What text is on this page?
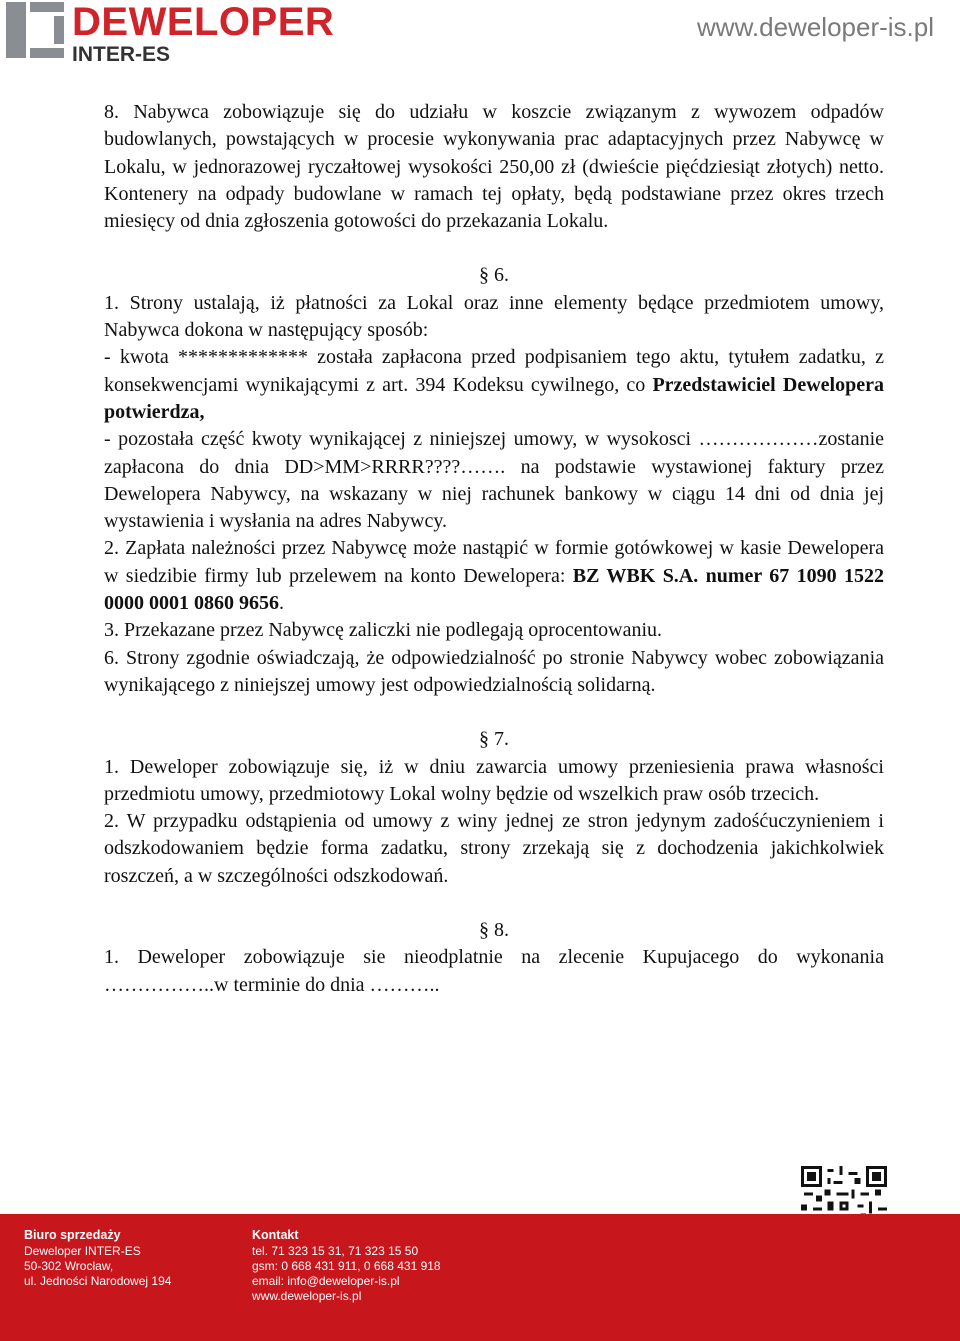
DEWELOPER
INTER-ES
www.deweloper-is.pl

8. Nabywca zobowiązuje się do udziału w koszcie związanym z wywozem odpadów budowlanych, powstających w procesie wykonywania prac adaptacyjnych przez Nabywcę w Lokalu, w jednorazowej ryczałtowej wysokości 250,00 zł (dwieście pięćdziesiąt złotych) netto. Kontenery na odpady budowlane w ramach tej opłaty, będą podstawiane przez okres trzech miesięcy od dnia zgłoszenia gotowości do przekazania Lokalu.

§ 6.

1. Strony ustalają, iż płatności za Lokal oraz inne elementy będące przedmiotem umowy, Nabywca dokona w następujący sposób:

- kwota ************* została zapłacona przed podpisaniem tego aktu, tytułem zadatku, z konsekwencjami wynikającymi z art. 394 Kodeksu cywilnego, co Przedstawiciel Dewelopera potwierdza,

- pozostała część kwoty wynikającej z niniejszej umowy, w wysokosci ………………zostanie zapłacona do dnia DD>MM>RRRR????……. na podstawie wystawionej faktury przez Dewelopera Nabywcy, na wskazany w niej rachunek bankowy w ciągu 14 dni od dnia jej wystawienia i wysłania na adres Nabywcy.

2. Zapłata należności przez Nabywcę może nastąpić w formie gotówkowej w kasie Dewelopera w siedzibie firmy lub przelewem na konto Dewelopera: BZ WBK S.A. numer 67 1090 1522 0000 0001 0860 9656.

3. Przekazane przez Nabywcę zaliczki nie podlegają oprocentowaniu.

6. Strony zgodnie oświadczają, że odpowiedzialność po stronie Nabywcy wobec zobowiązania wynikającego z niniejszej umowy jest odpowiedzialnością solidarną.

§ 7.

1. Deweloper zobowiązuje się, iż w dniu zawarcia umowy przeniesienia prawa własności przedmiotu umowy, przedmiotowy Lokal wolny będzie od wszelkich praw osób trzecich.

2. W przypadku odstąpienia od umowy z winy jednej ze stron jedynym zadośćuczynieniem i odszkodowaniem będzie forma zadatku, strony zrzekają się z dochodzenia jakichkolwiek roszczeń, a w szczególności odszkodowań.

§ 8.

1. Deweloper zobowiązuje sie nieodplatnie na zlecenie Kupujacego do wykonania ……………..w terminie do dnia ………..

Biuro sprzedaży
Deweloper INTER-ES
50-302 Wrocław,
ul. Jedności Narodowej 194
Kontakt
tel. 71 323 15 31, 71 323 15 50
gsm: 0 668 431 911, 0 668 431 918
email: info@deweloper-is.pl
www.deweloper-is.pl
